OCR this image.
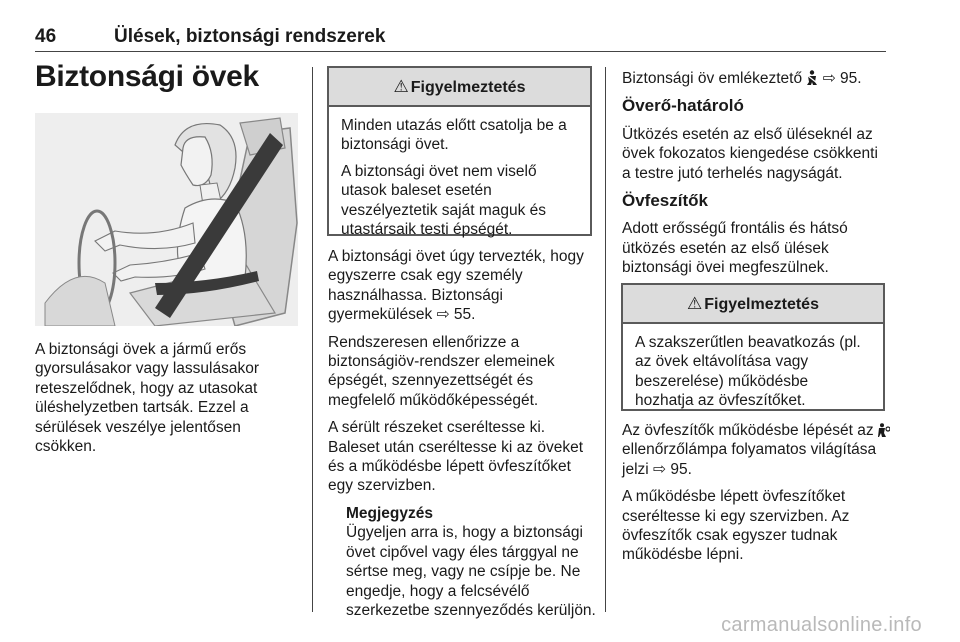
46	Ülések, biztonsági rendszerek
Biztonsági övek

A biztonsági övek a jármű erős gyorsulásakor vagy lassulásakor reteszelődnek, hogy az utasokat üléshelyzetben tartsák. Ezzel a sérülések veszélye jelentősen csökken.

⚠ Figyelmeztetés

Minden utazás előtt csatolja be a biztonsági övet.

A biztonsági övet nem viselő utasok baleset esetén veszélyeztetik saját maguk és utastársaik testi épségét.

A biztonsági övet úgy tervezték, hogy egyszerre csak egy személy használhassa. Biztonsági gyermekülések ⇨ 55.

Rendszeresen ellenőrizze a biztonságiöv-rendszer elemeinek épségét, szennyezettségét és megfelelő működőképességét.

A sérült részeket cseréltesse ki. Baleset után cseréltesse ki az öveket és a működésbe lépett övfeszítőket egy szervizben.

Megjegyzés
Ügyeljen arra is, hogy a biztonsági övet cipővel vagy éles tárggyal ne sértse meg, vagy ne csípje be. Ne engedje, hogy a felcsévélő szerkezetbe szennyeződés kerüljön.

Biztonsági öv emlékeztető ⇨ 95.

Överő-határoló

Ütközés esetén az első üléseknél az övek fokozatos kiengedése csökkenti a testre jutó terhelés nagyságát.

Övfeszítők

Adott erősségű frontális és hátsó ütközés esetén az első ülések biztonsági övei megfeszülnek.

⚠ Figyelmeztetés

A szakszerűtlen beavatkozás (pl. az övek eltávolítása vagy beszerelése) működésbe hozhatja az övfeszítőket.

Az övfeszítők működésbe lépését az  ellenőrzőlámpa folyamatos világítása jelzi ⇨ 95.

A működésbe lépett övfeszítőket cseréltesse ki egy szervizben. Az övfeszítők csak egyszer tudnak működésbe lépni.

carmanualsonline.info
